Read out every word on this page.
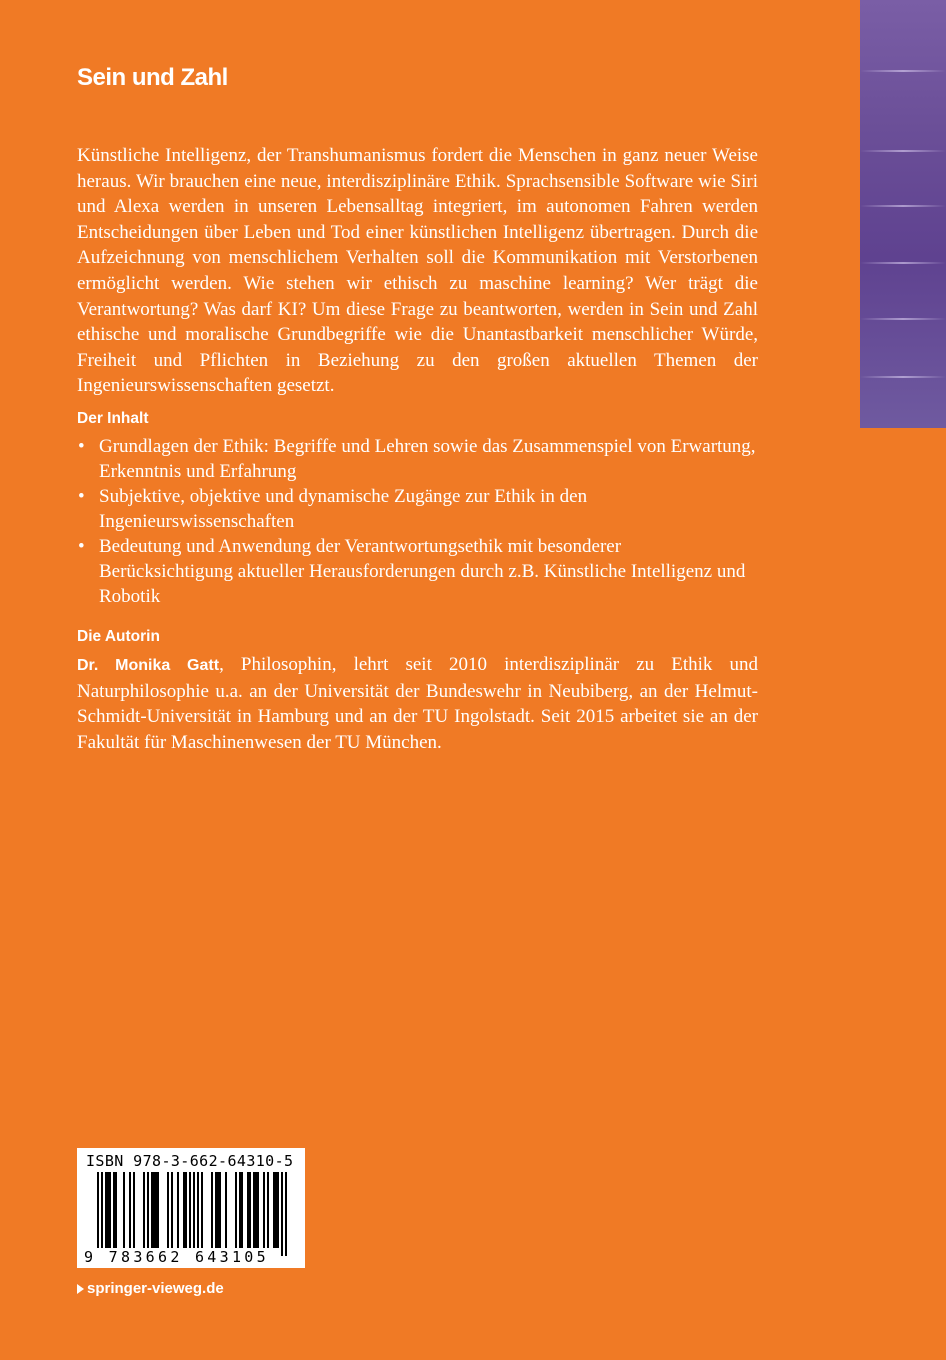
Sein und Zahl

Künstliche Intelligenz, der Transhumanismus fordert die Menschen in ganz neuer Weise heraus. Wir brauchen eine neue, interdisziplinäre Ethik. Sprachsensible Software wie Siri und Alexa werden in unseren Lebensalltag integriert, im autonomen Fahren werden Entscheidungen über Leben und Tod einer künstlichen Intelligenz übertragen. Durch die Aufzeichnung von menschlichem Verhalten soll die Kommunikation mit Verstorbenen ermöglicht werden. Wie stehen wir ethisch zu maschine learning? Wer trägt die Verantwortung? Was darf KI? Um diese Frage zu beantworten, werden in Sein und Zahl ethische und moralische Grundbegriffe wie die Unantastbarkeit menschlicher Würde, Freiheit und Pflichten in Beziehung zu den großen aktuellen Themen der Ingenieurswissenschaften gesetzt.

Der Inhalt
• Grundlagen der Ethik: Begriffe und Lehren sowie das Zusammenspiel von Erwartung, Erkenntnis und Erfahrung
• Subjektive, objektive und dynamische Zugänge zur Ethik in den Ingenieurswissenschaften
• Bedeutung und Anwendung der Verantwortungsethik mit besonderer Berücksichtigung aktueller Herausforderungen durch z.B. Künstliche Intelligenz und Robotik
Die Autorin

Dr. Monika Gatt, Philosophin, lehrt seit 2010 interdisziplinär zu Ethik und Naturphilosophie u.a. an der Universität der Bundeswehr in Neubiberg, an der Helmut-Schmidt-Universität in Hamburg und an der TU Ingolstadt. Seit 2015 arbeitet sie an der Fakultät für Maschinenwesen der TU München.

ISBN 978-3-662-64310-5
9 783662 643105
springer-vieweg.de
